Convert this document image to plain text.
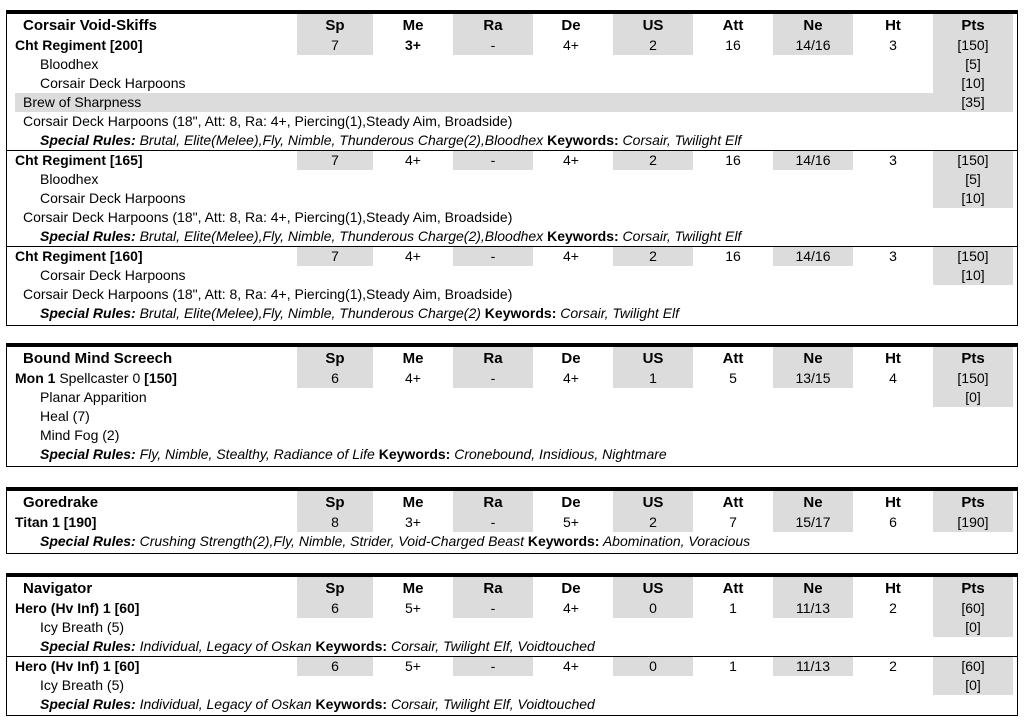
Corsair Void-Skiffs	Sp	Me	Ra	De	US	Att	Ne	Ht	Pts
Cht Regiment [200]	7	3+	-	4+	2	16	14/16	3	[150]
Bloodhex	[5]
Corsair Deck Harpoons	[10]
Brew of Sharpness	[35]
Corsair Deck Harpoons (18", Att: 8, Ra: 4+, Piercing(1),Steady Aim, Broadside)
Special Rules: Brutal, Elite(Melee),Fly, Nimble, Thunderous Charge(2),Bloodhex Keywords: Corsair, Twilight Elf
Cht Regiment [165]	7	4+	-	4+	2	16	14/16	3	[150]
Bloodhex	[5]
Corsair Deck Harpoons	[10]
Corsair Deck Harpoons (18", Att: 8, Ra: 4+, Piercing(1),Steady Aim, Broadside)
Special Rules: Brutal, Elite(Melee),Fly, Nimble, Thunderous Charge(2),Bloodhex Keywords: Corsair, Twilight Elf
Cht Regiment [160]	7	4+	-	4+	2	16	14/16	3	[150]
Corsair Deck Harpoons	[10]
Corsair Deck Harpoons (18", Att: 8, Ra: 4+, Piercing(1),Steady Aim, Broadside)
Special Rules: Brutal, Elite(Melee),Fly, Nimble, Thunderous Charge(2) Keywords: Corsair, Twilight Elf
Bound Mind Screech	Sp	Me	Ra	De	US	Att	Ne	Ht	Pts
Mon 1 Spellcaster 0 [150]	6	4+	-	4+	1	5	13/15	4	[150]
Planar Apparition	[0]
Heal (7)
Mind Fog (2)
Special Rules: Fly, Nimble, Stealthy, Radiance of Life Keywords: Cronebound, Insidious, Nightmare
Goredrake	Sp	Me	Ra	De	US	Att	Ne	Ht	Pts
Titan 1 [190]	8	3+	-	5+	2	7	15/17	6	[190]
Special Rules: Crushing Strength(2),Fly, Nimble, Strider, Void-Charged Beast Keywords: Abomination, Voracious
Navigator	Sp	Me	Ra	De	US	Att	Ne	Ht	Pts
Hero (Hv Inf) 1 [60]	6	5+	-	4+	0	1	11/13	2	[60]
Icy Breath (5)	[0]
Special Rules: Individual, Legacy of Oskan Keywords: Corsair, Twilight Elf, Voidtouched
Hero (Hv Inf) 1 [60]	6	5+	-	4+	0	1	11/13	2	[60]
Icy Breath (5)	[0]
Special Rules: Individual, Legacy of Oskan Keywords: Corsair, Twilight Elf, Voidtouched
